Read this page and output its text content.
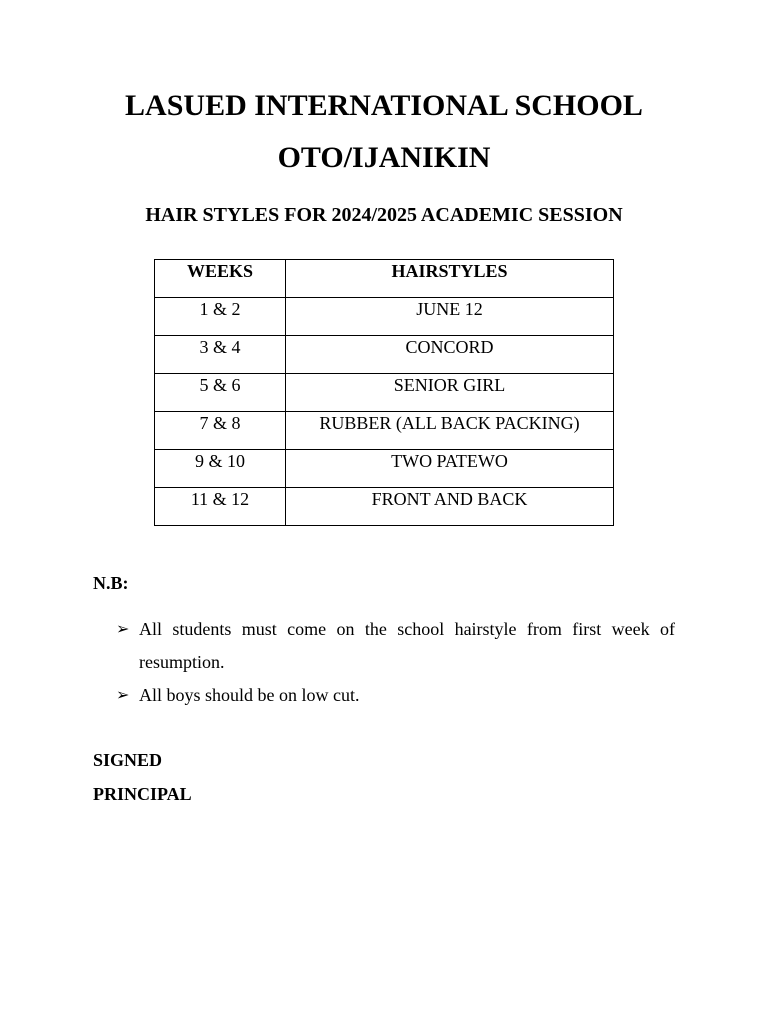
LASUED INTERNATIONAL SCHOOL
OTO/IJANIKIN
HAIR STYLES FOR 2024/2025 ACADEMIC SESSION
WEEKS	HAIRSTYLES
1 & 2	JUNE 12
3 & 4	CONCORD
5 & 6	SENIOR GIRL
7 & 8	RUBBER (ALL BACK PACKING)
9 & 10	TWO PATEWO
11 & 12	FRONT AND BACK
N.B:
➢ All students must come on the school hairstyle from first week of resumption.
➢ All boys should be on low cut.
SIGNED
PRINCIPAL
